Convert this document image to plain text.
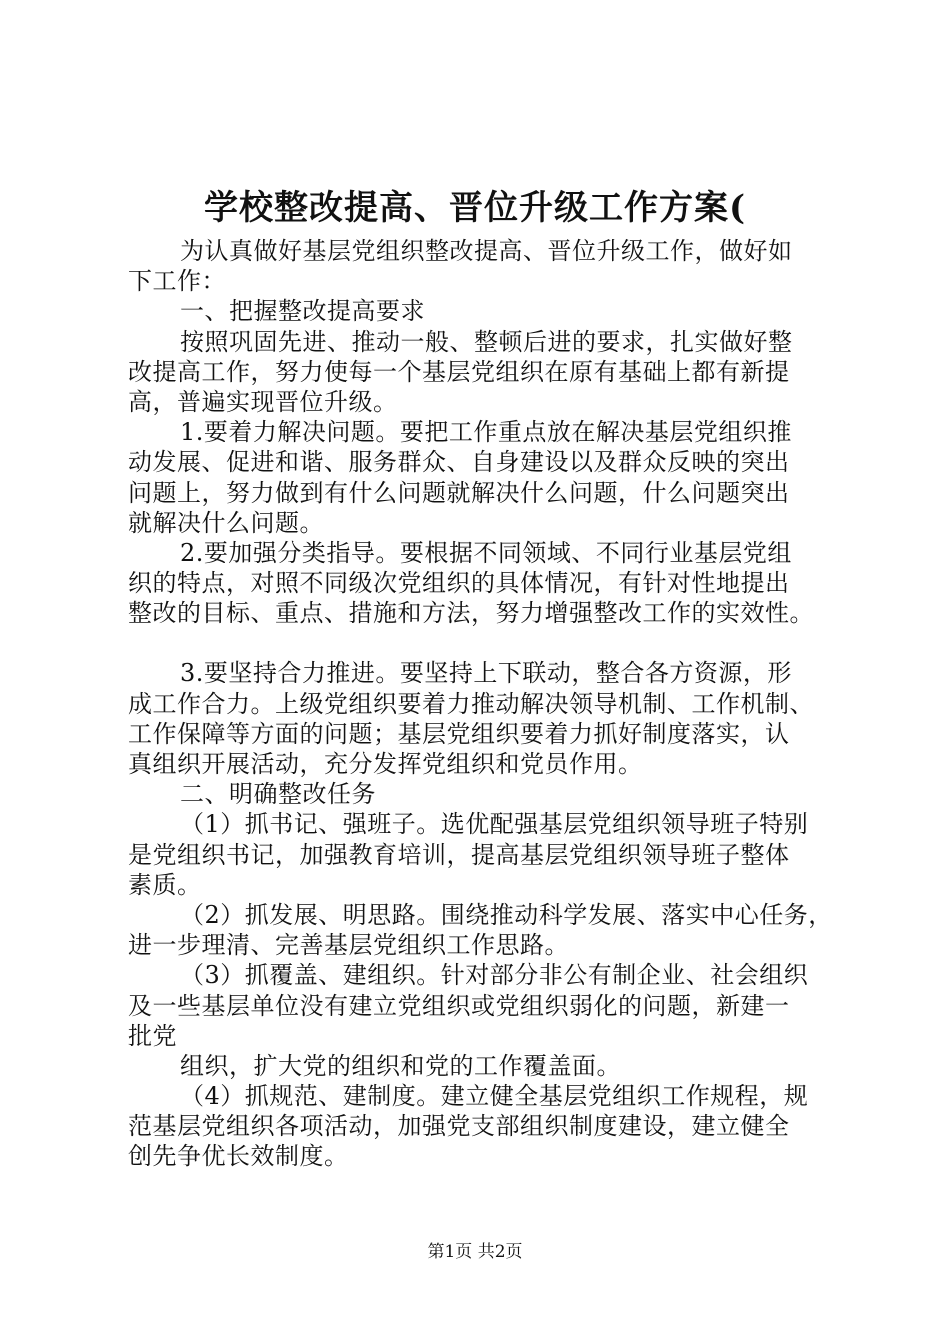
学校整改提高、晋位升级工作方案(
为认真做好基层党组织整改提高、晋位升级工作，做好如
下工作：
一、把握整改提高要求
按照巩固先进、推动一般、整顿后进的要求，扎实做好整
改提高工作，努力使每一个基层党组织在原有基础上都有新提
高，普遍实现晋位升级。
1.要着力解决问题。要把工作重点放在解决基层党组织推
动发展、促进和谐、服务群众、自身建设以及群众反映的突出
问题上，努力做到有什么问题就解决什么问题，什么问题突出
就解决什么问题。
2.要加强分类指导。要根据不同领域、不同行业基层党组
织的特点，对照不同级次党组织的具体情况，有针对性地提出
整改的目标、重点、措施和方法，努力增强整改工作的实效性。
3.要坚持合力推进。要坚持上下联动，整合各方资源，形
成工作合力。上级党组织要着力推动解决领导机制、工作机制、
工作保障等方面的问题；基层党组织要着力抓好制度落实，认
真组织开展活动，充分发挥党组织和党员作用。
二、明确整改任务
（1）抓书记、强班子。选优配强基层党组织领导班子特别
是党组织书记，加强教育培训，提高基层党组织领导班子整体
素质。
（2）抓发展、明思路。围绕推动科学发展、落实中心任务，
进一步理清、完善基层党组织工作思路。
（3）抓覆盖、建组织。针对部分非公有制企业、社会组织
及一些基层单位没有建立党组织或党组织弱化的问题，新建一
批党
组织，扩大党的组织和党的工作覆盖面。
（4）抓规范、建制度。建立健全基层党组织工作规程，规
范基层党组织各项活动，加强党支部组织制度建设，建立健全
创先争优长效制度。
第1页 共2页
